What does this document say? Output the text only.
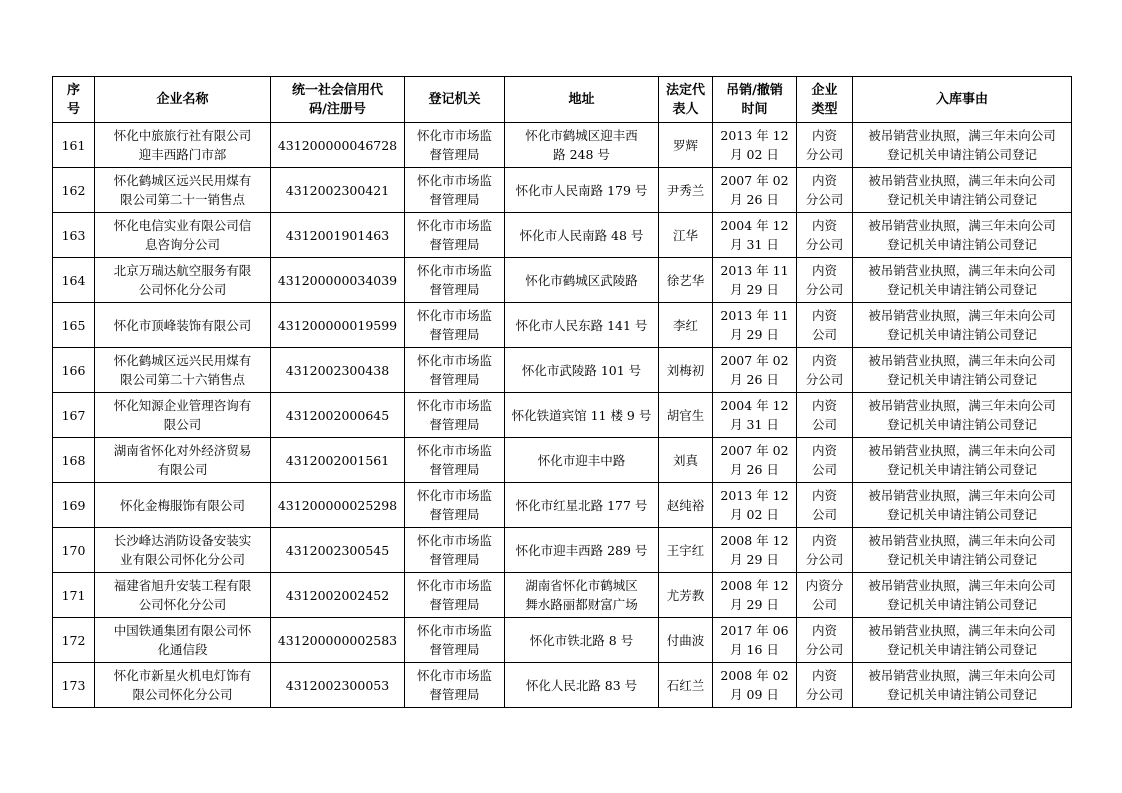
序
号	企业名称	统一社会信用代
码/注册号	登记机关	地址	法定代
表人	吊销/撤销
时间	企业
类型	入库事由

161	怀化中旅旅行社有限公司
迎丰西路门市部	431200000046728	怀化市市场监
督管理局	怀化市鹤城区迎丰西
路 248 号	罗辉	2013 年 12
月 02 日	内资
分公司	被吊销营业执照，满三年未向公司
登记机关申请注销公司登记

162	怀化鹤城区远兴民用煤有
限公司第二十一销售点	4312002300421	怀化市市场监
督管理局	怀化市人民南路 179 号	尹秀兰	2007 年 02
月 26 日	内资
分公司	被吊销营业执照，满三年未向公司
登记机关申请注销公司登记

163	怀化电信实业有限公司信
息咨询分公司	4312001901463	怀化市市场监
督管理局	怀化市人民南路 48 号	江华	2004 年 12
月 31 日	内资
分公司	被吊销营业执照，满三年未向公司
登记机关申请注销公司登记

164	北京万瑞达航空服务有限
公司怀化分公司	431200000034039	怀化市市场监
督管理局	怀化市鹤城区武陵路	徐艺华	2013 年 11
月 29 日	内资
分公司	被吊销营业执照，满三年未向公司
登记机关申请注销公司登记

165	怀化市顶峰装饰有限公司	431200000019599	怀化市市场监
督管理局	怀化市人民东路 141 号	李红	2013 年 11
月 29 日	内资
公司	被吊销营业执照，满三年未向公司
登记机关申请注销公司登记

166	怀化鹤城区远兴民用煤有
限公司第二十六销售点	4312002300438	怀化市市场监
督管理局	怀化市武陵路 101 号	刘梅初	2007 年 02
月 26 日	内资
分公司	被吊销营业执照，满三年未向公司
登记机关申请注销公司登记

167	怀化知源企业管理咨询有
限公司	4312002000645	怀化市市场监
督管理局	怀化铁道宾馆 11 楼 9 号	胡官生	2004 年 12
月 31 日	内资
公司	被吊销营业执照，满三年未向公司
登记机关申请注销公司登记

168	湖南省怀化对外经济贸易
有限公司	4312002001561	怀化市市场监
督管理局	怀化市迎丰中路	刘真	2007 年 02
月 26 日	内资
公司	被吊销营业执照，满三年未向公司
登记机关申请注销公司登记

169	怀化金梅服饰有限公司	431200000025298	怀化市市场监
督管理局	怀化市红星北路 177 号	赵纯裕	2013 年 12
月 02 日	内资
公司	被吊销营业执照，满三年未向公司
登记机关申请注销公司登记

170	长沙峰达消防设备安装实
业有限公司怀化分公司	4312002300545	怀化市市场监
督管理局	怀化市迎丰西路 289 号	王宇红	2008 年 12
月 29 日	内资
分公司	被吊销营业执照，满三年未向公司
登记机关申请注销公司登记

171	福建省旭升安装工程有限
公司怀化分公司	4312002002452	怀化市市场监
督管理局	湖南省怀化市鹤城区
舞水路丽都财富广场	尤芳教	2008 年 12
月 29 日	内资分
公司	被吊销营业执照，满三年未向公司
登记机关申请注销公司登记

172	中国铁通集团有限公司怀
化通信段	431200000002583	怀化市市场监
督管理局	怀化市铁北路 8 号	付曲波	2017 年 06
月 16 日	内资
分公司	被吊销营业执照，满三年未向公司
登记机关申请注销公司登记

173	怀化市新星火机电灯饰有
限公司怀化分公司	4312002300053	怀化市市场监
督管理局	怀化人民北路 83 号	石红兰	2008 年 02
月 09 日	内资
分公司	被吊销营业执照，满三年未向公司
登记机关申请注销公司登记
